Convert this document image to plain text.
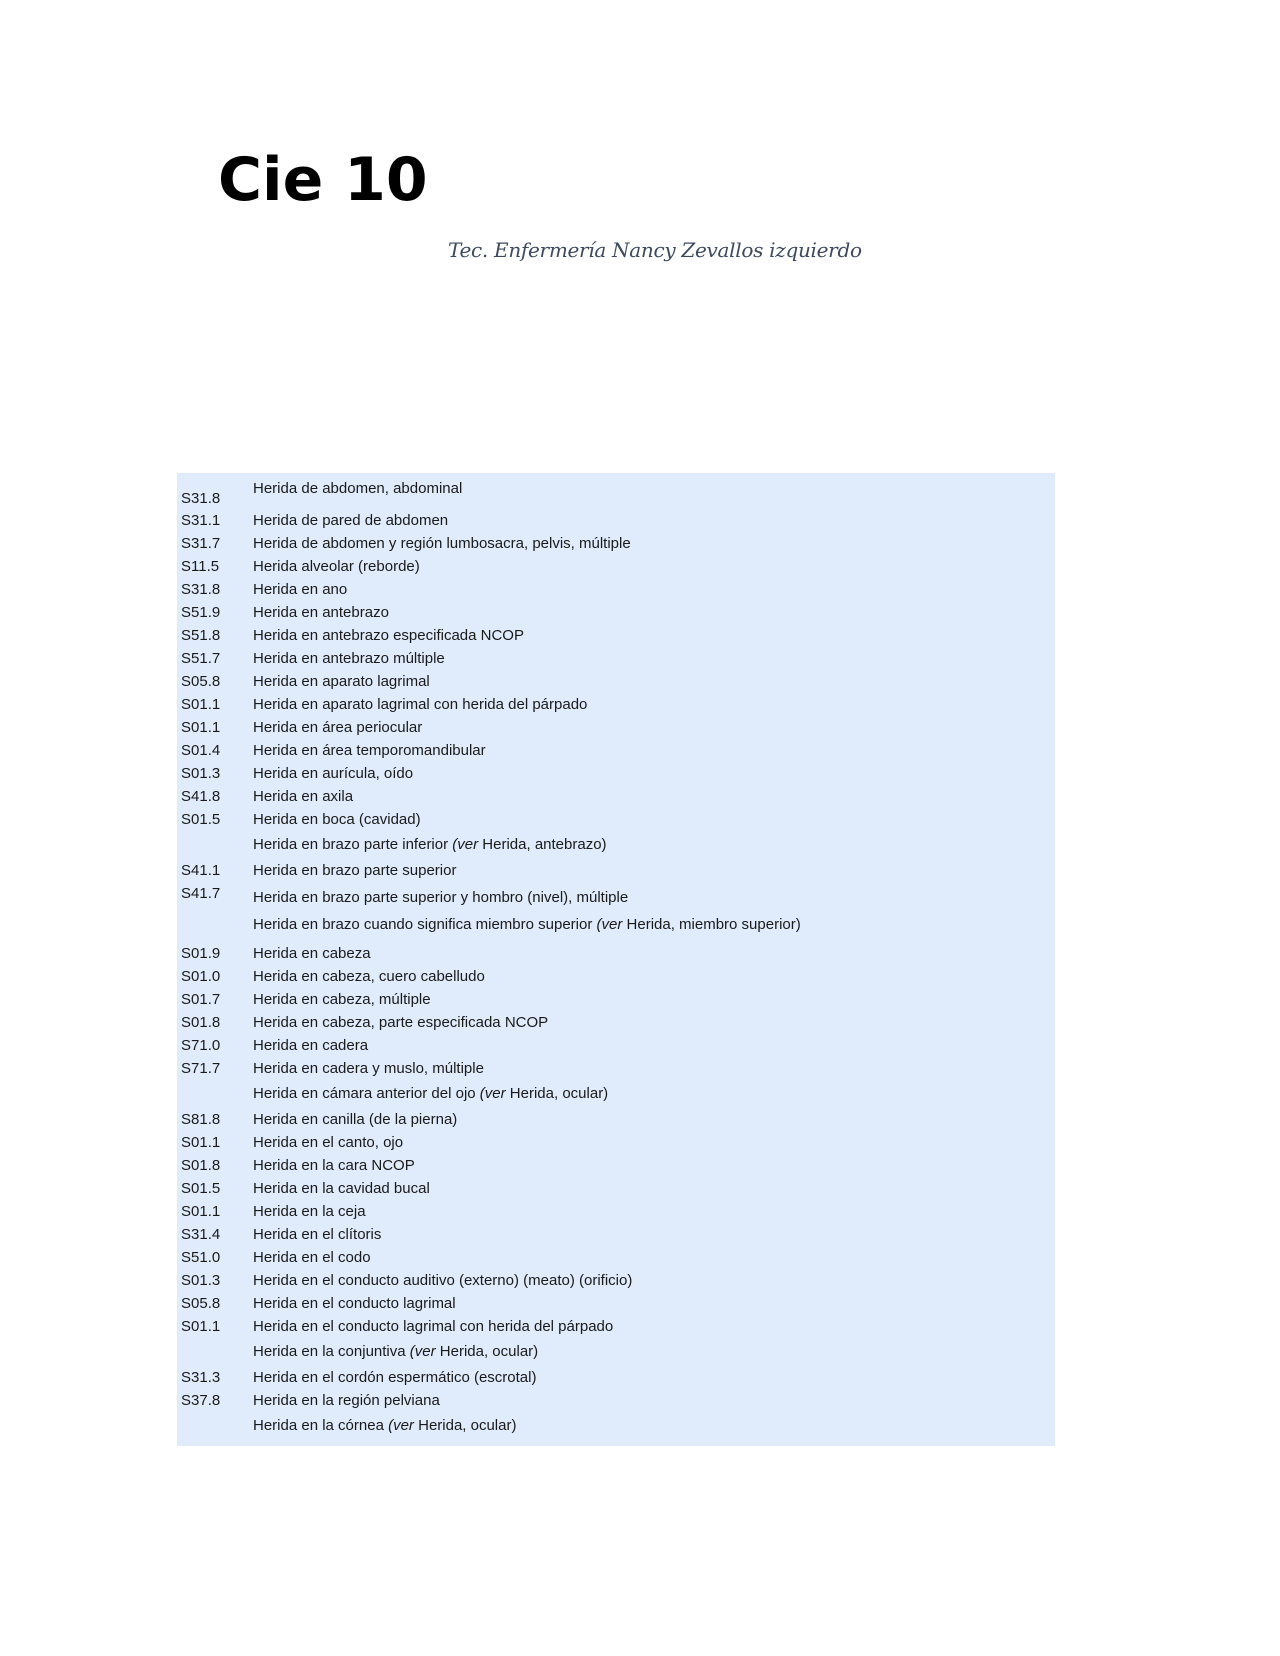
Cie 10

Tec. Enfermería Nancy Zevallos izquierdo

S31.8
Herida de abdomen, abdominal
S31.1 Herida de pared de abdomen
S31.7 Herida de abdomen y región lumbosacra, pelvis, múltiple
S11.5 Herida alveolar (reborde)
S31.8 Herida en ano
S51.9 Herida en antebrazo
S51.8 Herida en antebrazo especificada NCOP
S51.7 Herida en antebrazo múltiple
S05.8 Herida en aparato lagrimal
S01.1 Herida en aparato lagrimal con herida del párpado
S01.1 Herida en área periocular
S01.4 Herida en área temporomandibular
S01.3 Herida en aurícula, oído
S41.8 Herida en axila
S01.5 Herida en boca (cavidad)
Herida en brazo parte inferior (ver Herida, antebrazo)
S41.1 Herida en brazo parte superior
S41.7 Herida en brazo parte superior y hombro (nivel), múltiple
Herida en brazo cuando significa miembro superior (ver Herida, miembro superior)
S01.9 Herida en cabeza
S01.0 Herida en cabeza, cuero cabelludo
S01.7 Herida en cabeza, múltiple
S01.8 Herida en cabeza, parte especificada NCOP
S71.0 Herida en cadera
S71.7 Herida en cadera y muslo, múltiple
Herida en cámara anterior del ojo (ver Herida, ocular)
S81.8 Herida en canilla (de la pierna)
S01.1 Herida en el canto, ojo
S01.8 Herida en la cara NCOP
S01.5 Herida en la cavidad bucal
S01.1 Herida en la ceja
S31.4 Herida en el clítoris
S51.0 Herida en el codo
S01.3 Herida en el conducto auditivo (externo) (meato) (orificio)
S05.8 Herida en el conducto lagrimal
S01.1 Herida en el conducto lagrimal con herida del párpado
Herida en la conjuntiva (ver Herida, ocular)
S31.3 Herida en el cordón espermático (escrotal)
S37.8 Herida en la región pelviana
Herida en la córnea (ver Herida, ocular)
